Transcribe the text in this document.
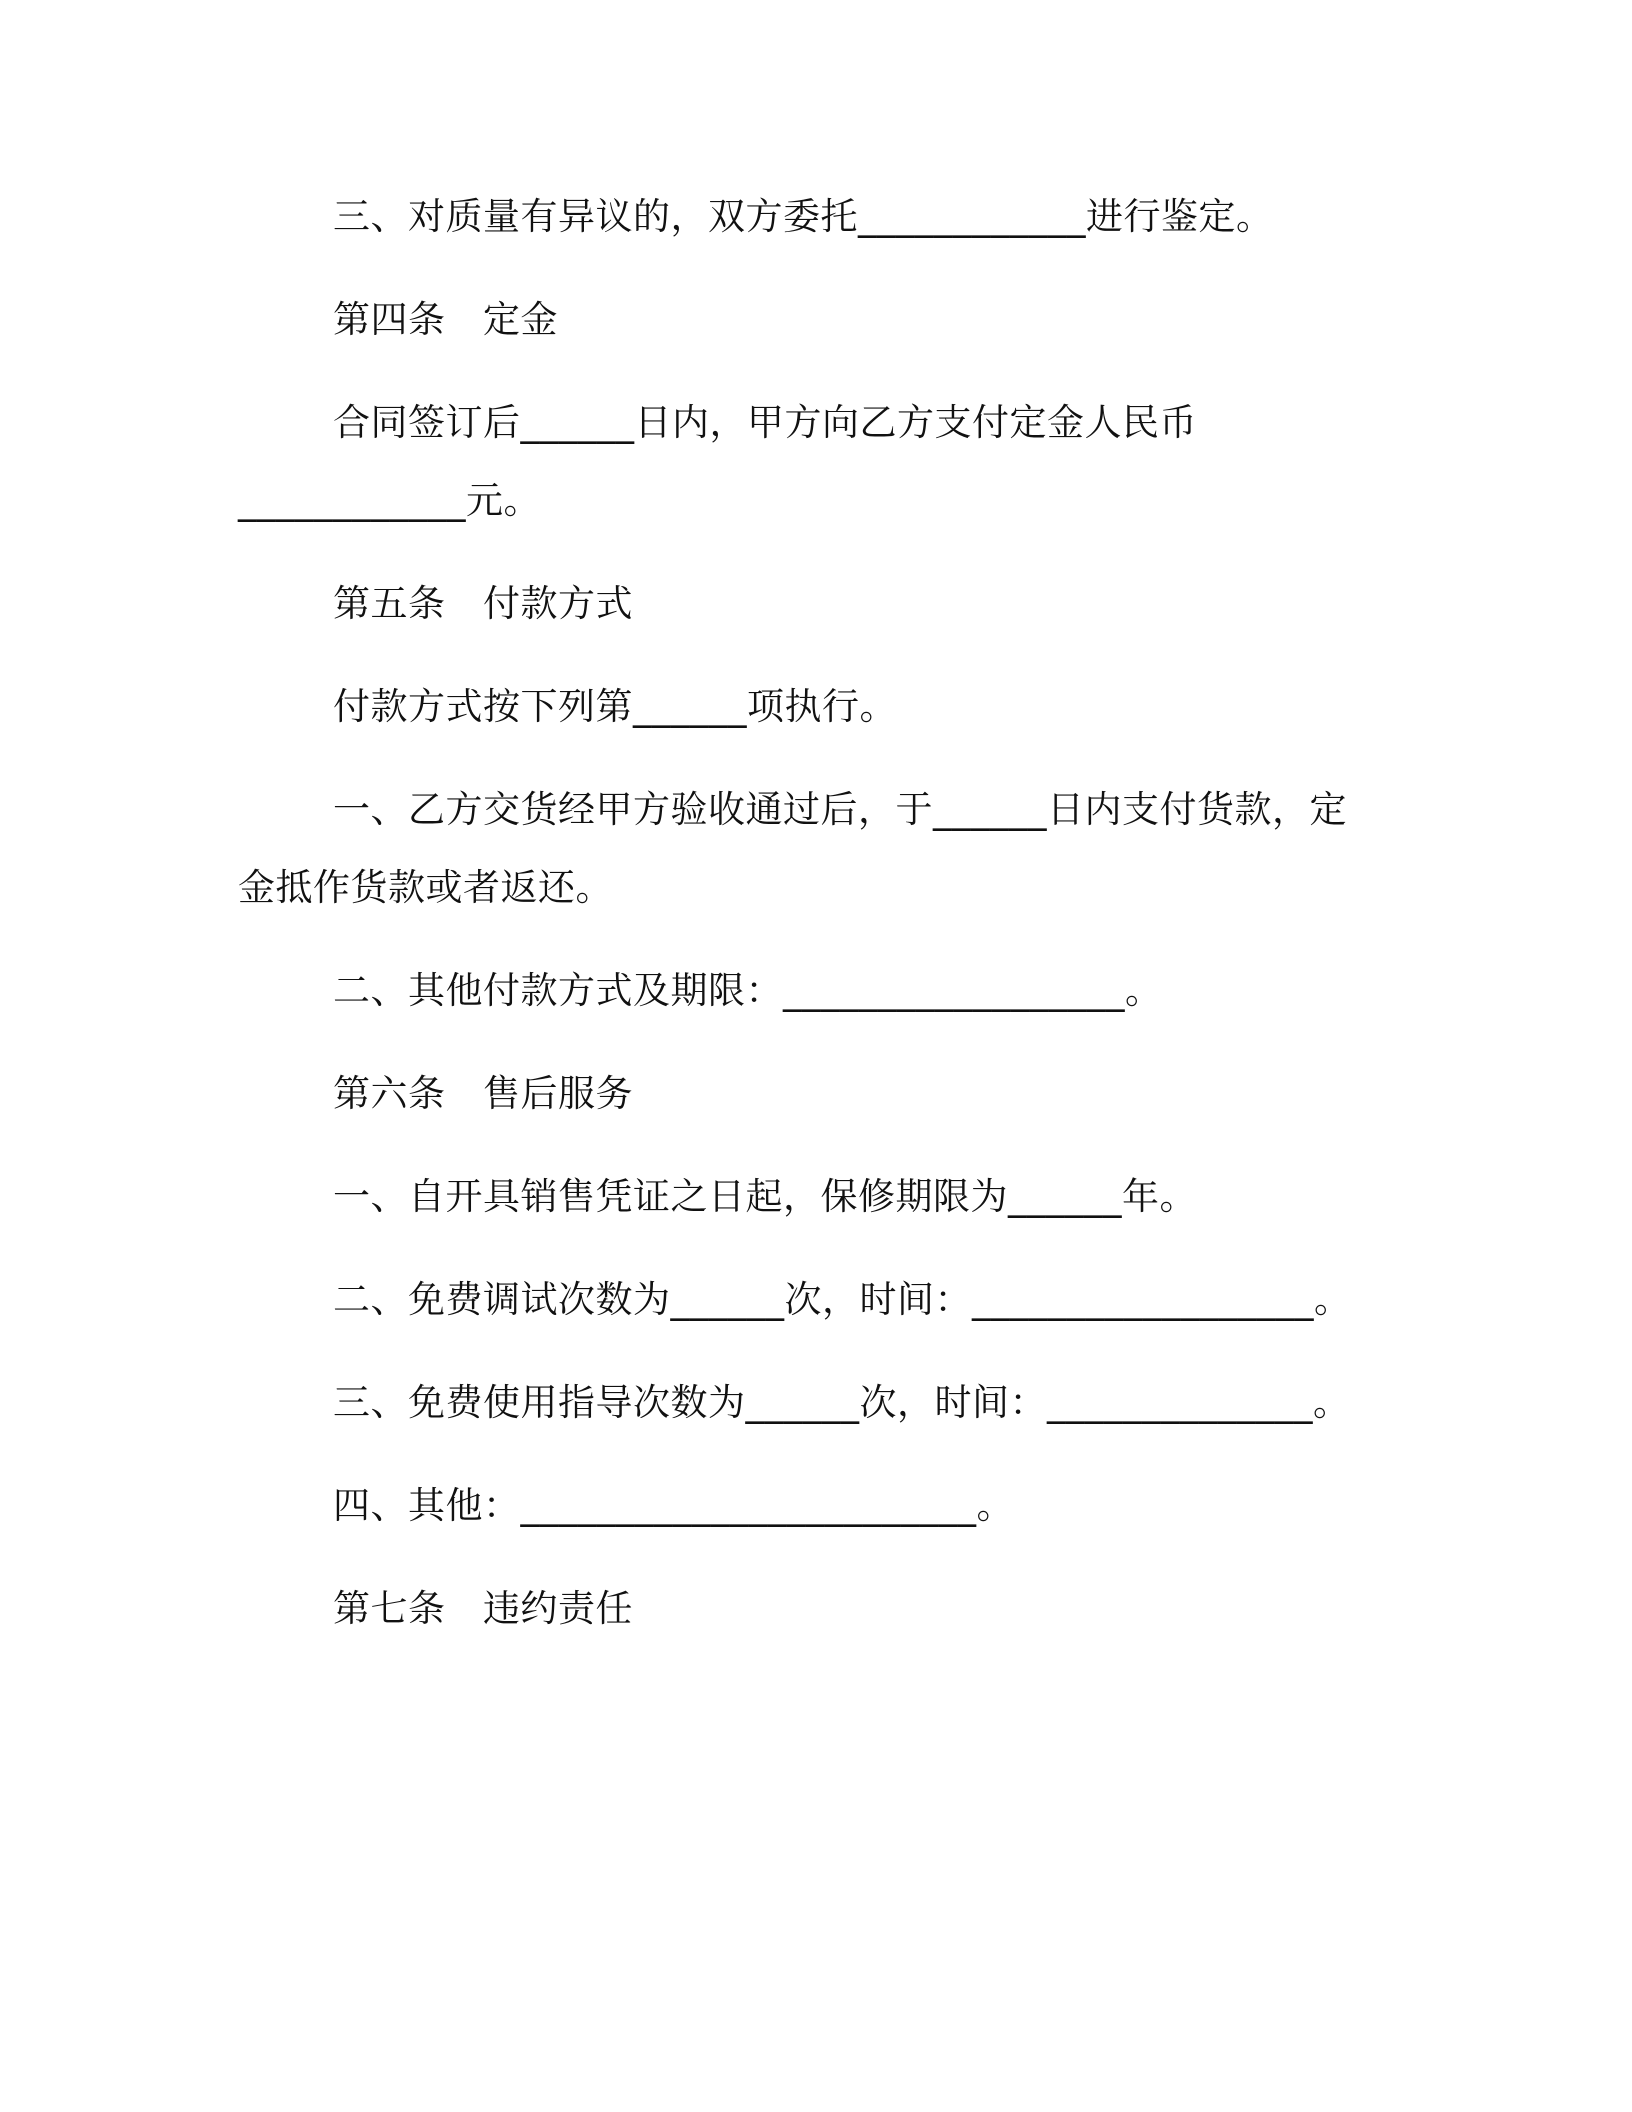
三、对质量有异议的，双方委托____________进行鉴定。

第四条　定金

合同签订后______日内，甲方向乙方支付定金人民币

____________元。

第五条　付款方式

付款方式按下列第______项执行。

一、乙方交货经甲方验收通过后，于______日内支付货款，定

金抵作货款或者返还。

二、其他付款方式及期限：__________________。

第六条　售后服务

一、自开具销售凭证之日起，保修期限为______年。

二、免费调试次数为______次，时间：__________________。

三、免费使用指导次数为______次，时间：______________。

四、其他：________________________。

第七条　违约责任
